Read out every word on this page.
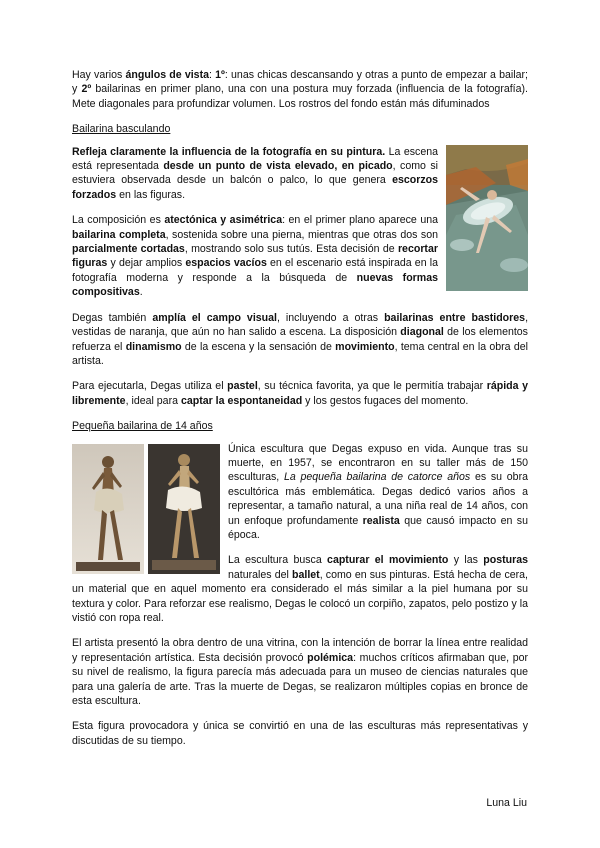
Hay varios ángulos de vista: 1º: unas chicas descansando y otras a punto de empezar a bailar; y 2º bailarinas en primer plano, una con una postura muy forzada (influencia de la fotografía). Mete diagonales para profundizar volumen. Los rostros del fondo están más difuminados

Bailarina basculando

Refleja claramente la influencia de la fotografía en su pintura. La escena está representada desde un punto de vista elevado, en picado, como si estuviera observada desde un balcón o palco, lo que genera escorzos forzados en las figuras.

La composición es atectónica y asimétrica: en el primer plano aparece una bailarina completa, sostenida sobre una pierna, mientras que otras dos son parcialmente cortadas, mostrando solo sus tutús. Esta decisión de recortar figuras y dejar amplios espacios vacíos en el escenario está inspirada en la fotografía moderna y responde a la búsqueda de nuevas formas compositivas.

Degas también amplía el campo visual, incluyendo a otras bailarinas entre bastidores, vestidas de naranja, que aún no han salido a escena. La disposición diagonal de los elementos refuerza el dinamismo de la escena y la sensación de movimiento, tema central en la obra del artista.

Para ejecutarla, Degas utiliza el pastel, su técnica favorita, ya que le permitía trabajar rápida y libremente, ideal para captar la espontaneidad y los gestos fugaces del momento.

Pequeña bailarina de 14 años

Única escultura que Degas expuso en vida. Aunque tras su muerte, en 1957, se encontraron en su taller más de 150 esculturas, La pequeña bailarina de catorce años es su obra escultórica más emblemática. Degas dedicó varios años a representar, a tamaño natural, a una niña real de 14 años, con un enfoque profundamente realista que causó impacto en su época.

La escultura busca capturar el movimiento y las posturas naturales del ballet, como en sus pinturas. Está hecha de cera, un material que en aquel momento era considerado el más similar a la piel humana por su textura y color. Para reforzar ese realismo, Degas le colocó un corpiño, zapatos, pelo postizo y la vistió con ropa real.

El artista presentó la obra dentro de una vitrina, con la intención de borrar la línea entre realidad y representación artística. Esta decisión provocó polémica: muchos críticos afirmaban que, por su nivel de realismo, la figura parecía más adecuada para un museo de ciencias naturales que para una galería de arte. Tras la muerte de Degas, se realizaron múltiples copias en bronce de esta escultura.

Esta figura provocadora y única se convirtió en una de las esculturas más representativas y discutidas de su tiempo.

Luna Liu
